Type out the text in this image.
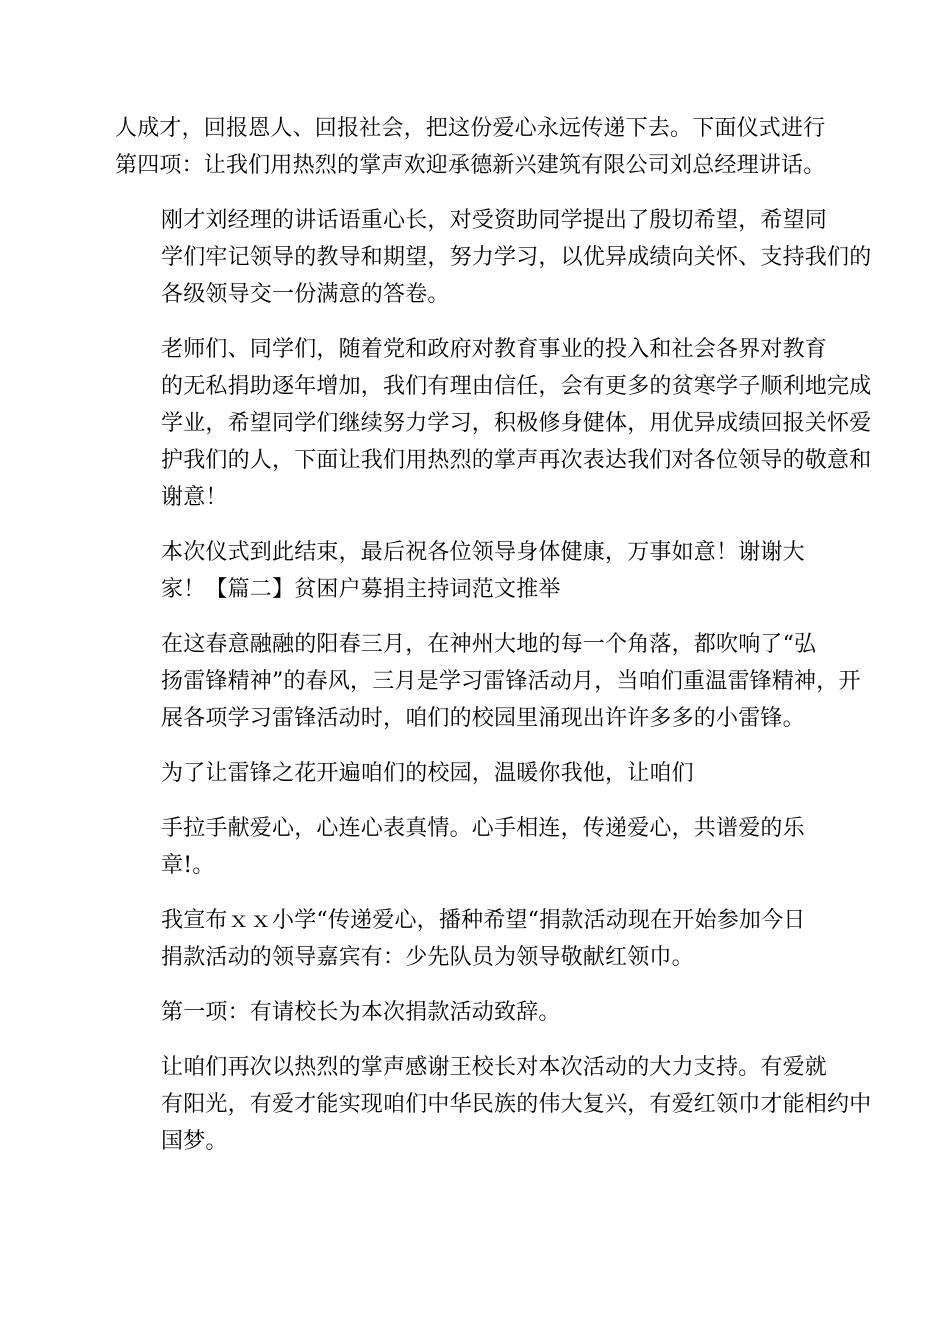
人成才，回报恩人、回报社会，把这份爱心永远传递下去。下面仪式进行
第四项：让我们用热烈的掌声欢迎承德新兴建筑有限公司刘总经理讲话。

刚才刘经理的讲话语重心长，对受资助同学提出了殷切希望，希望同
学们牢记领导的教导和期望，努力学习，以优异成绩向关怀、支持我们的
各级领导交一份满意的答卷。

老师们、同学们，随着党和政府对教育事业的投入和社会各界对教育
的无私捐助逐年增加，我们有理由信任，会有更多的贫寒学子顺利地完成
学业，希望同学们继续努力学习，积极修身健体，用优异成绩回报关怀爱
护我们的人，下面让我们用热烈的掌声再次表达我们对各位领导的敬意和
谢意！

本次仪式到此结束，最后祝各位领导身体健康，万事如意！谢谢大
家！【篇二】贫困户募捐主持词范文推举

在这春意融融的阳春三月，在神州大地的每一个角落，都吹响了“弘
扬雷锋精神”的春风，三月是学习雷锋活动月，当咱们重温雷锋精神，开
展各项学习雷锋活动时，咱们的校园里涌现出许许多多的小雷锋。

为了让雷锋之花开遍咱们的校园，温暖你我他，让咱们

手拉手献爱心，心连心表真情。心手相连，传递爱心，共谱爱的乐
章!。

我宣布ｘｘ小学“传递爱心，播种希望“捐款活动现在开始参加今日
捐款活动的领导嘉宾有：少先队员为领导敬献红领巾。

第一项：有请校长为本次捐款活动致辞。

让咱们再次以热烈的掌声感谢王校长对本次活动的大力支持。有爱就
有阳光，有爱才能实现咱们中华民族的伟大复兴，有爱红领巾才能相约中
国梦。
